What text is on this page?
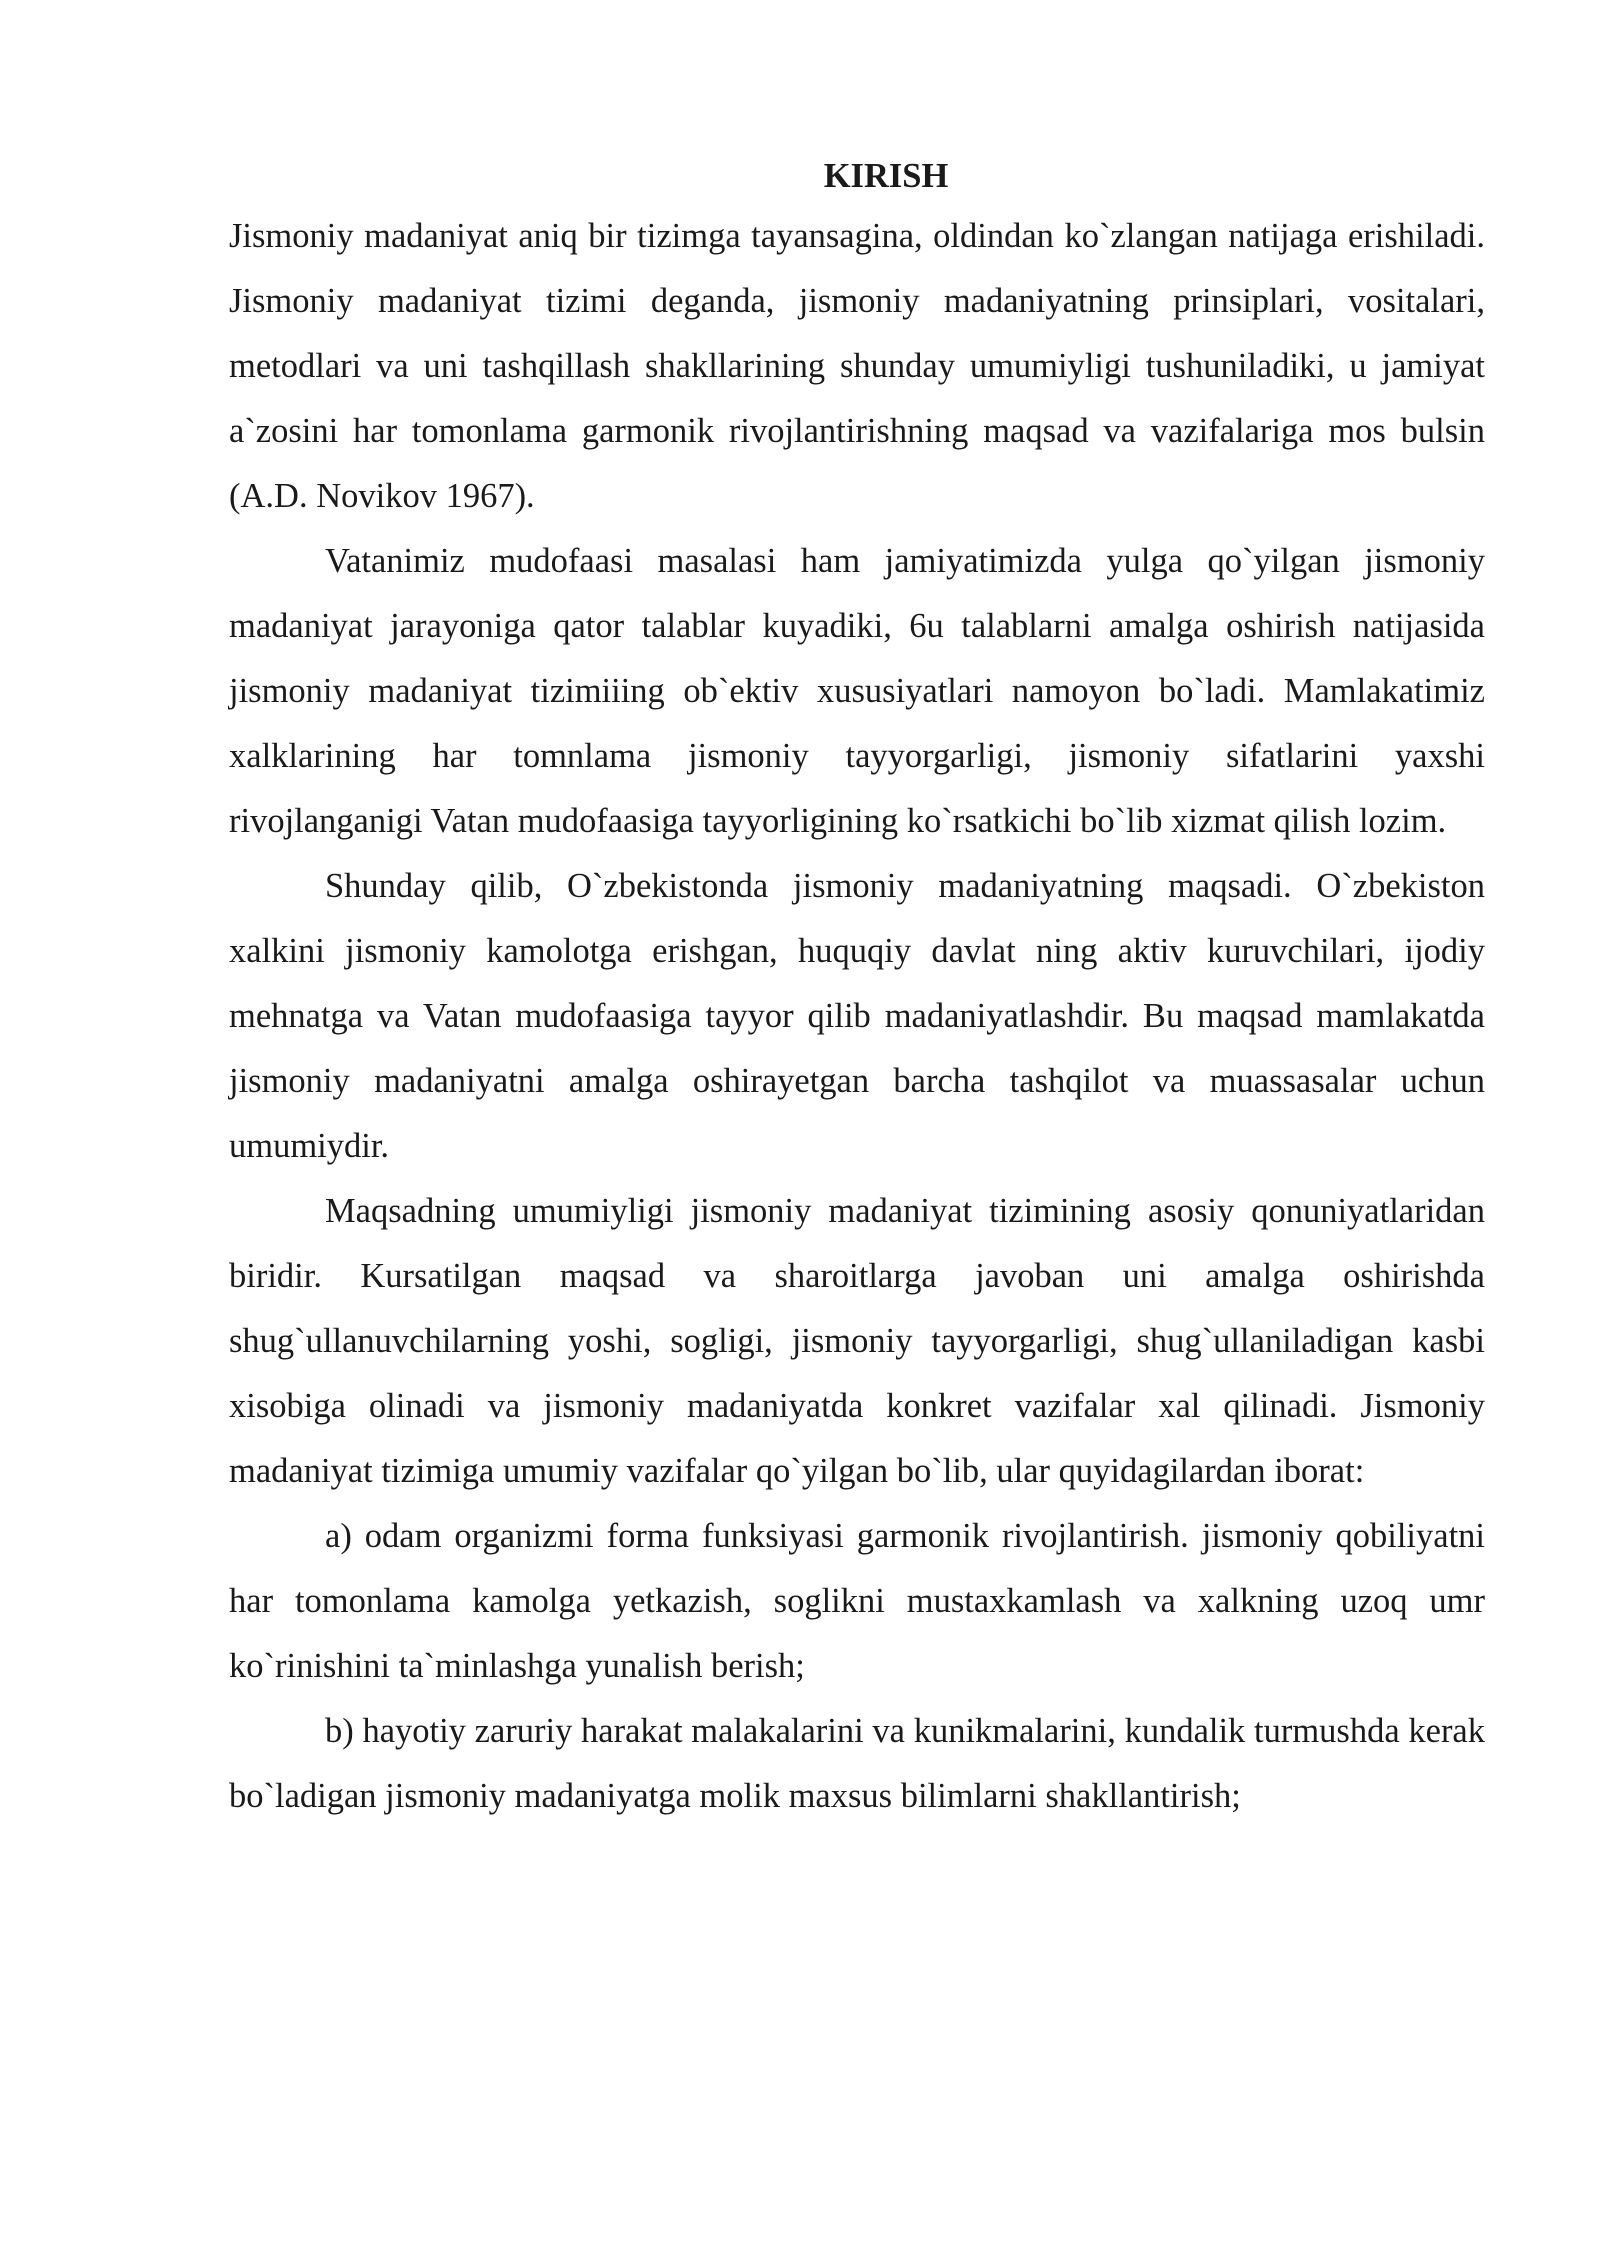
KIRISH

Jismoniy madaniyat aniq bir tizimga tayansagina, oldindan ko`zlangan natijaga erishiladi. Jismoniy madaniyat tizimi deganda, jismoniy madaniyatning prinsiplari, vositalari, metodlari va uni tashqillash shakllarining shunday umumiyligi tushuniladiki, u jamiyat a`zosini har tomonlama garmonik rivojlantirishning maqsad va vazifalariga mos bulsin (A.D. Novikov 1967).

Vatanimiz mudofaasi masalasi ham jamiyatimizda yulga qo`yilgan jismoniy madaniyat jarayoniga qator talablar kuyadiki, 6u talablarni amalga oshirish natijasida jismoniy madaniyat tizimiiing ob`ektiv xususiyatlari namoyon bo`ladi. Mamlakatimiz xalklarining har tomnlama jismoniy tayyorgarligi, jismoniy sifatlarini yaxshi rivojlanganigi Vatan mudofaasiga tayyorligining ko`rsatkichi bo`lib xizmat qilish lozim.

Shunday qilib, O`zbekistonda jismoniy madaniyatning maqsadi. O`zbekiston xalkini jismoniy kamolotga erishgan, huquqiy davlat ning aktiv kuruvchilari, ijodiy mehnatga va Vatan mudofaasiga tayyor qilib madaniyatlashdir. Bu maqsad mamlakatda jismoniy madaniyatni amalga oshirayetgan barcha tashqilot va muassasalar uchun umumiydir.

Maqsadning umumiyligi jismoniy madaniyat tizimining asosiy qonuniyatlaridan biridir. Kursatilgan maqsad va sharoitlarga javoban uni amalga oshirishda shug`ullanuvchilarning yoshi, sogligi, jismoniy tayyorgarligi, shug`ullaniladigan kasbi xisobiga olinadi va jismoniy madaniyatda konkret vazifalar xal qilinadi. Jismoniy madaniyat tizimiga umumiy vazifalar qo`yilgan bo`lib, ular quyidagilardan iborat:

a) odam organizmi forma funksiyasi garmonik rivojlantirish. jismoniy qobiliyatni har tomonlama kamolga yetkazish, soglikni mustaxkamlash va xalkning uzoq umr ko`rinishini ta`minlashga yunalish berish;

b) hayotiy zaruriy harakat malakalarini va kunikmalarini, kundalik turmushda kerak bo`ladigan jismoniy madaniyatga molik maxsus bilimlarni shakllantirish;
